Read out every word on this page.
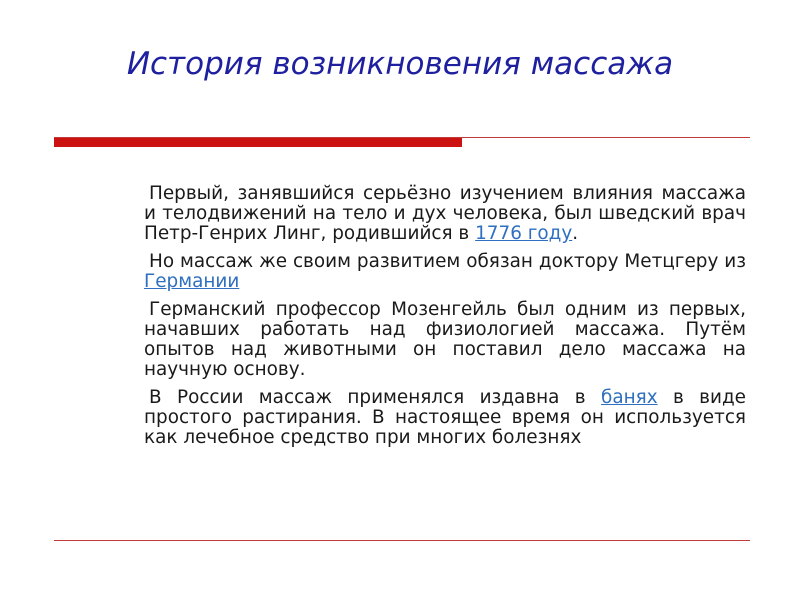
История возникновения массажа

Первый, занявшийся серьёзно изучением влияния массажа и телодвижений на тело и дух человека, был шведский врач Петр-Генрих Линг, родившийся в 1776 году.

Но массаж же своим развитием обязан доктору Метцгеру из Германии

Германский профессор Мозенгейль был одним из первых, начавших работать над физиологией массажа. Путём опытов над животными он поставил дело массажа на научную основу.

В России массаж применялся издавна в банях в виде простого растирания. В настоящее время он используется как лечебное средство при многих болезнях
